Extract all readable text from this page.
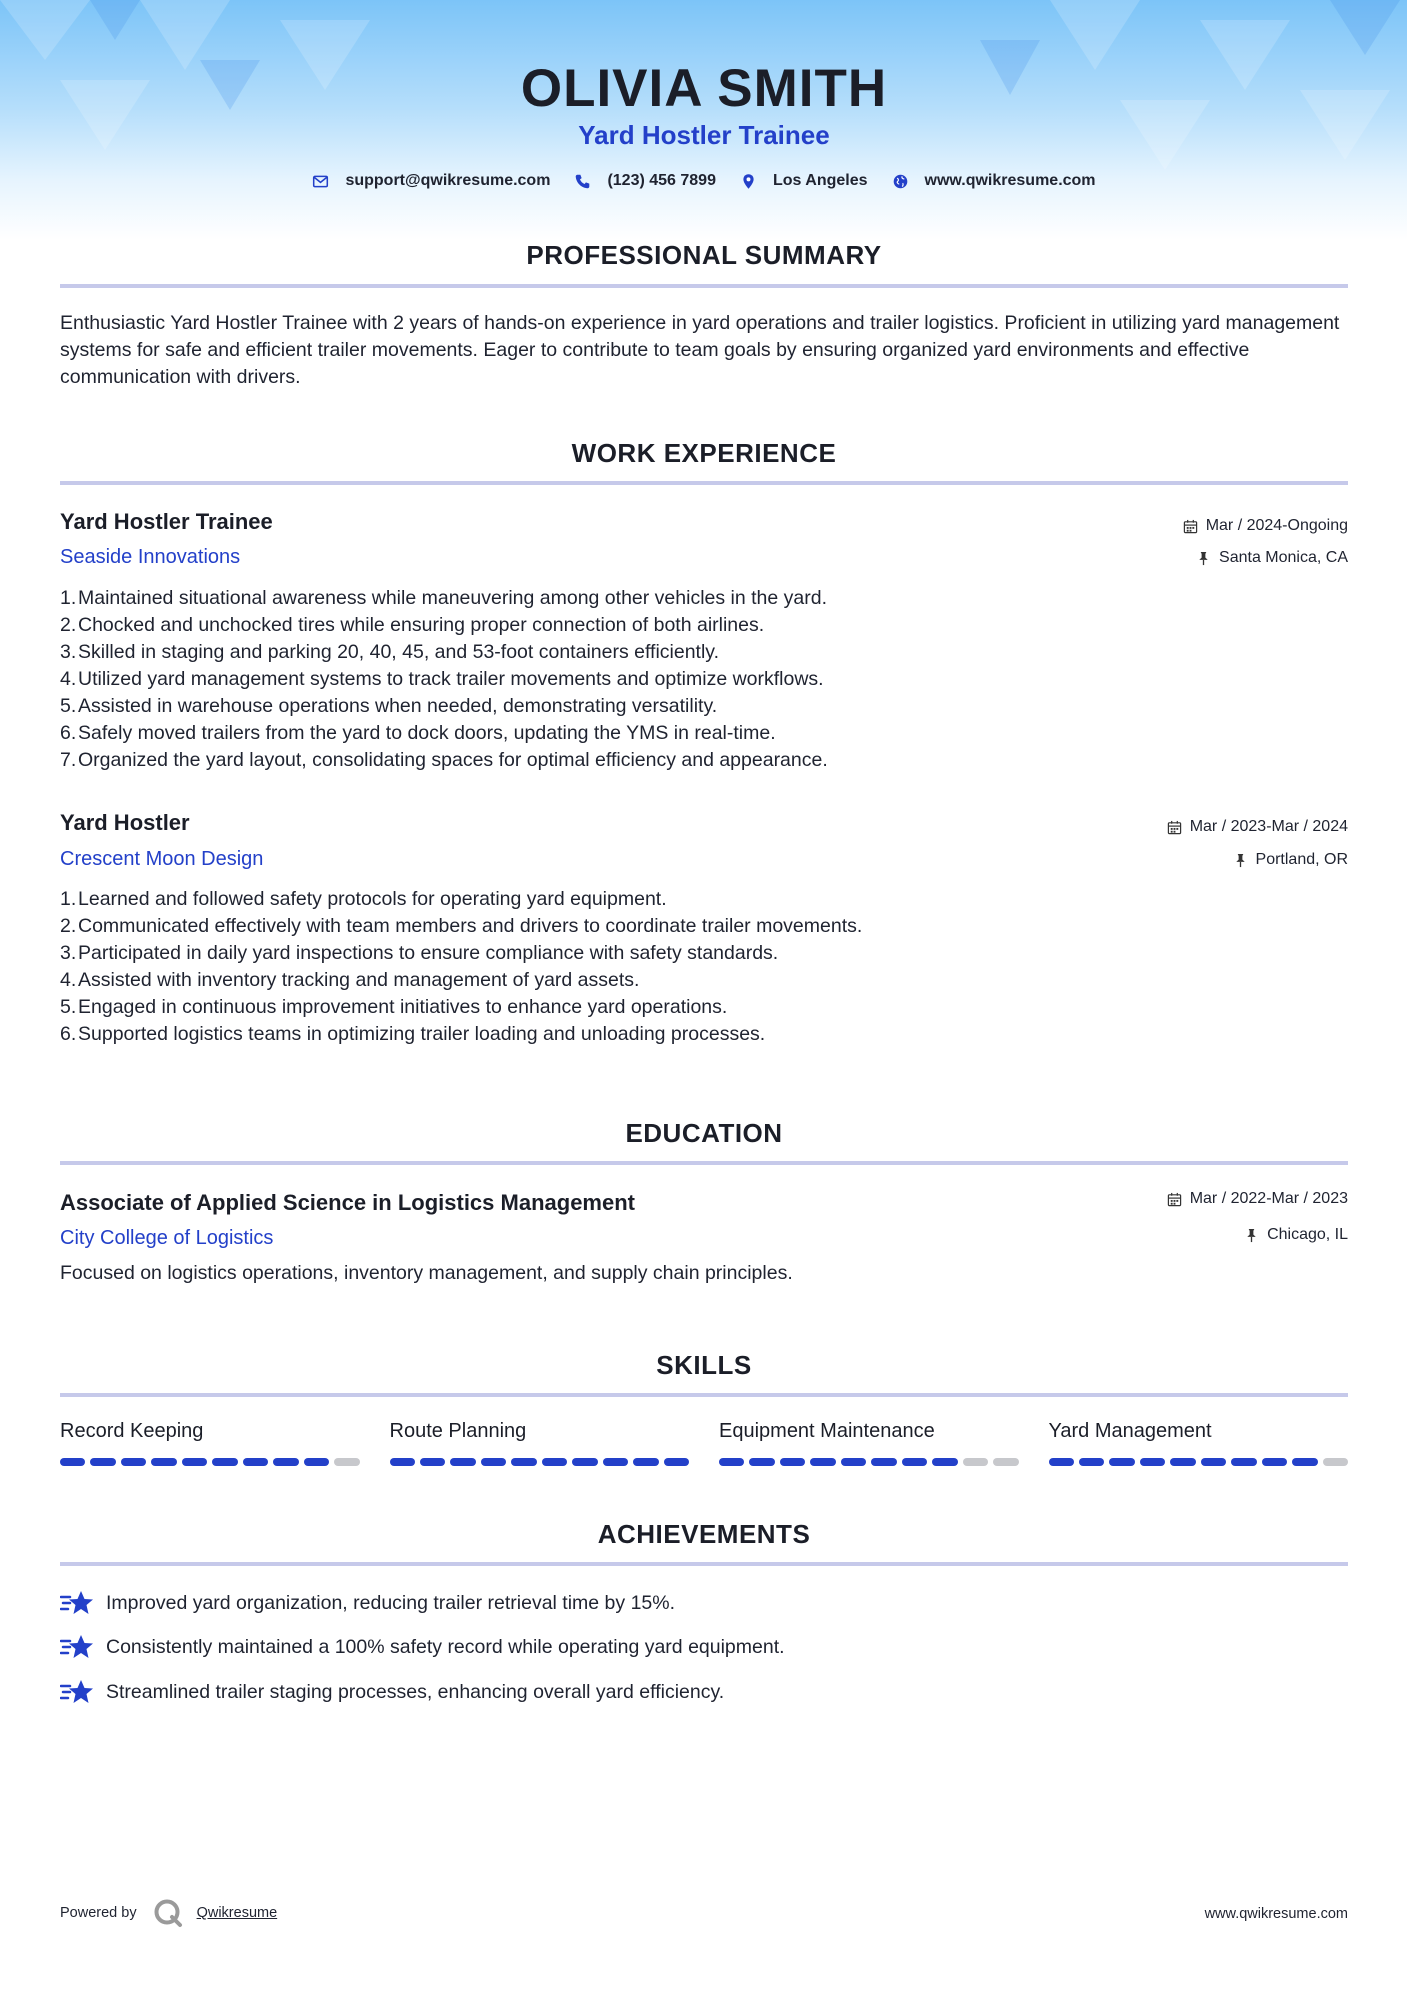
OLIVIA SMITH
Yard Hostler Trainee
support@qwikresume.com	(123) 456 7899	Los Angeles	www.qwikresume.com
PROFESSIONAL SUMMARY
Enthusiastic Yard Hostler Trainee with 2 years of hands-on experience in yard operations and trailer logistics. Proficient in utilizing yard management systems for safe and efficient trailer movements. Eager to contribute to team goals by ensuring organized yard environments and effective communication with drivers.
WORK EXPERIENCE
Yard Hostler Trainee
Seaside Innovations
Mar / 2024-Ongoing
Santa Monica, CA
1. Maintained situational awareness while maneuvering among other vehicles in the yard.
2. Chocked and unchocked tires while ensuring proper connection of both airlines.
3. Skilled in staging and parking 20, 40, 45, and 53-foot containers efficiently.
4. Utilized yard management systems to track trailer movements and optimize workflows.
5. Assisted in warehouse operations when needed, demonstrating versatility.
6. Safely moved trailers from the yard to dock doors, updating the YMS in real-time.
7. Organized the yard layout, consolidating spaces for optimal efficiency and appearance.
Yard Hostler
Crescent Moon Design
Mar / 2023-Mar / 2024
Portland, OR
1. Learned and followed safety protocols for operating yard equipment.
2. Communicated effectively with team members and drivers to coordinate trailer movements.
3. Participated in daily yard inspections to ensure compliance with safety standards.
4. Assisted with inventory tracking and management of yard assets.
5. Engaged in continuous improvement initiatives to enhance yard operations.
6. Supported logistics teams in optimizing trailer loading and unloading processes.
EDUCATION
Associate of Applied Science in Logistics Management
City College of Logistics
Mar / 2022-Mar / 2023
Chicago, IL
Focused on logistics operations, inventory management, and supply chain principles.
SKILLS
Record Keeping	Route Planning	Equipment Maintenance	Yard Management
ACHIEVEMENTS
Improved yard organization, reducing trailer retrieval time by 15%.
Consistently maintained a 100% safety record while operating yard equipment.
Streamlined trailer staging processes, enhancing overall yard efficiency.
Powered by	Qwikresume	www.qwikresume.com
